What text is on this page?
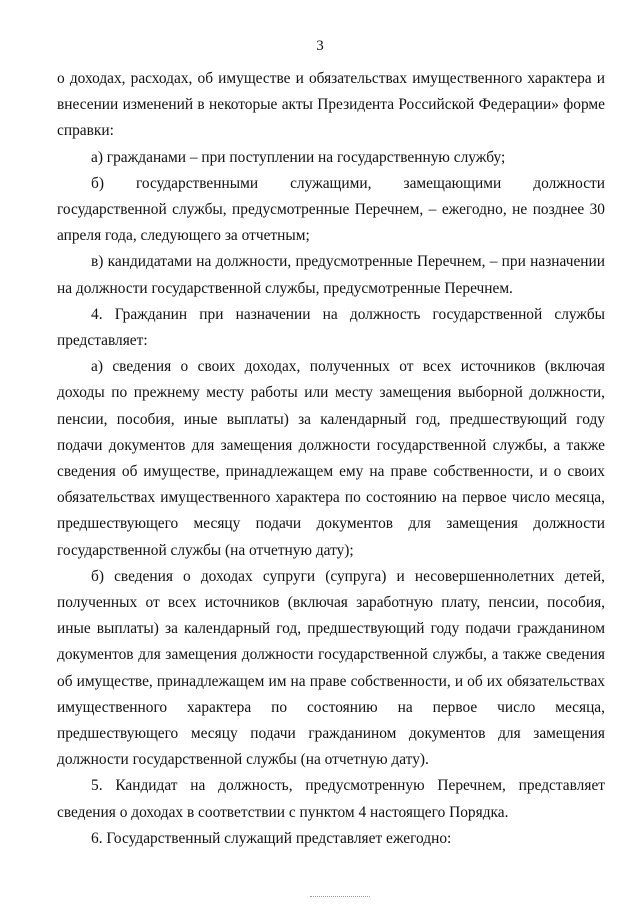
3

о доходах, расходах, об имуществе и обязательствах имущественного характера и внесении изменений в некоторые акты Президента Российской Федерации» форме справки:

а) гражданами – при поступлении на государственную службу;

б) государственными служащими, замещающими должности государственной службы, предусмотренные Перечнем, – ежегодно, не позднее 30 апреля года, следующего за отчетным;

в) кандидатами на должности, предусмотренные Перечнем, – при назначении на должности государственной службы, предусмотренные Перечнем.

4. Гражданин при назначении на должность государственной службы представляет:

а) сведения о своих доходах, полученных от всех источников (включая доходы по прежнему месту работы или месту замещения выборной должности, пенсии, пособия, иные выплаты) за календарный год, предшествующий году подачи документов для замещения должности государственной службы, а также сведения об имуществе, принадлежащем ему на праве собственности, и о своих обязательствах имущественного характера по состоянию на первое число месяца, предшествующего месяцу подачи документов для замещения должности государственной службы (на отчетную дату);

б) сведения о доходах супруги (супруга) и несовершеннолетних детей, полученных от всех источников (включая заработную плату, пенсии, пособия, иные выплаты) за календарный год, предшествующий году подачи гражданином документов для замещения должности государственной службы, а также сведения об имуществе, принадлежащем им на праве собственности, и об их обязательствах имущественного характера по состоянию на первое число месяца, предшествующего месяцу подачи гражданином документов для замещения должности государственной службы (на отчетную дату).

5. Кандидат на должность, предусмотренную Перечнем, представляет сведения о доходах в соответствии с пунктом 4 настоящего Порядка.

6. Государственный служащий представляет ежегодно:
